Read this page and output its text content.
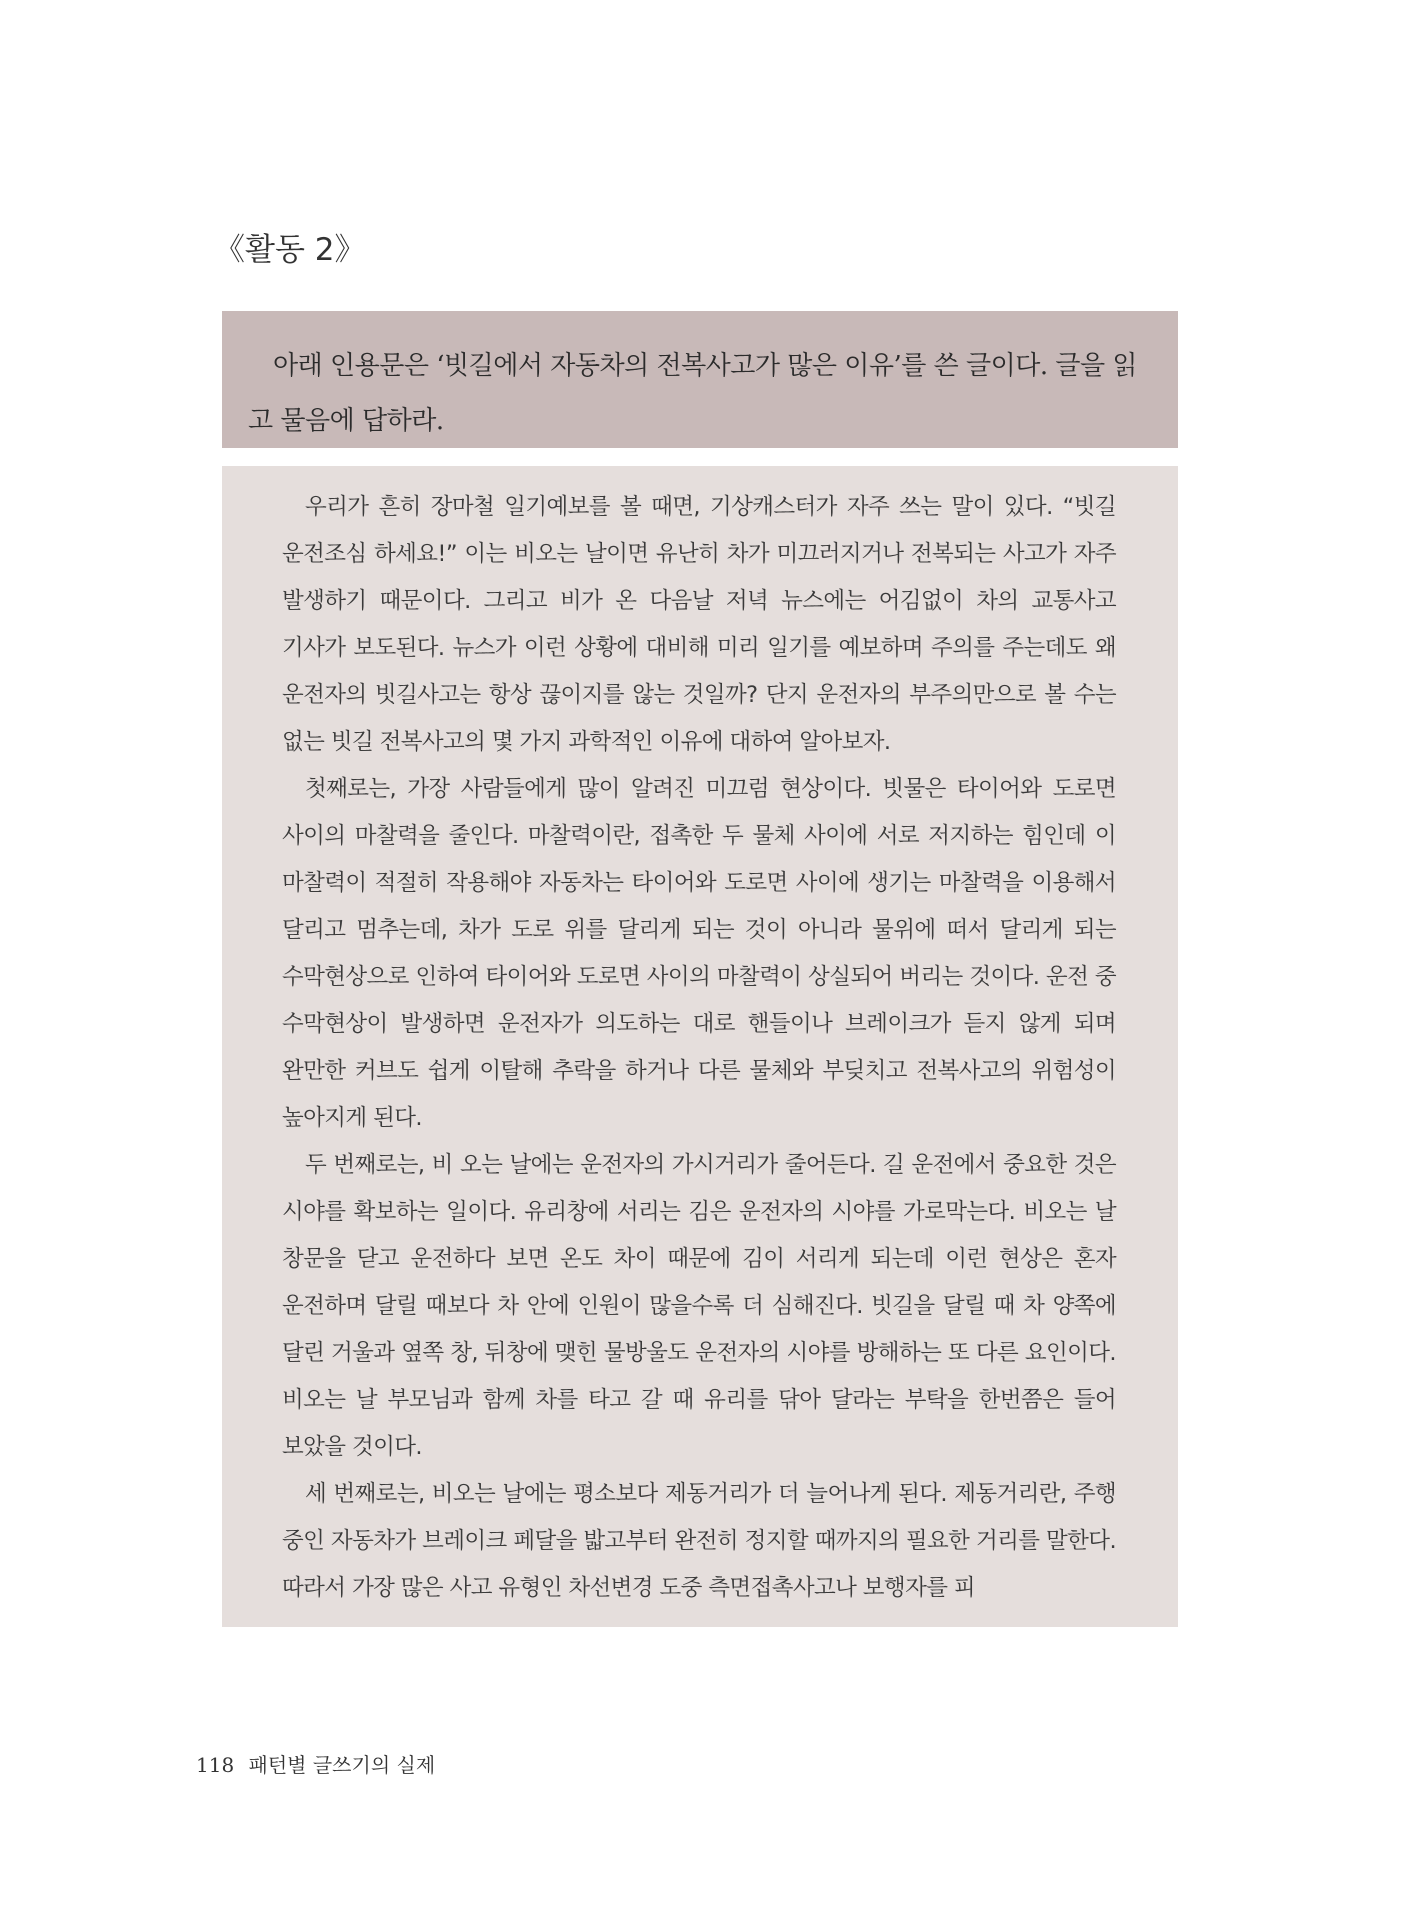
《활동 2》

아래 인용문은 ‘빗길에서 자동차의 전복사고가 많은 이유’를 쓴 글이다. 글을 읽고 물음에 답하라.

우리가 흔히 장마철 일기예보를 볼 때면, 기상캐스터가 자주 쓰는 말이 있다. “빗길 운전조심 하세요!” 이는 비오는 날이면 유난히 차가 미끄러지거나 전복되는 사고가 자주 발생하기 때문이다. 그리고 비가 온 다음날 저녁 뉴스에는 어김없이 차의 교통사고 기사가 보도된다. 뉴스가 이런 상황에 대비해 미리 일기를 예보하며 주의를 주는데도 왜 운전자의 빗길사고는 항상 끊이지를 않는 것일까? 단지 운전자의 부주의만으로 볼 수는 없는 빗길 전복사고의 몇 가지 과학적인 이유에 대하여 알아보자.

첫째로는, 가장 사람들에게 많이 알려진 미끄럼 현상이다. 빗물은 타이어와 도로면 사이의 마찰력을 줄인다. 마찰력이란, 접촉한 두 물체 사이에 서로 저지하는 힘인데 이 마찰력이 적절히 작용해야 자동차는 타이어와 도로면 사이에 생기는 마찰력을 이용해서 달리고 멈추는데, 차가 도로 위를 달리게 되는 것이 아니라 물위에 떠서 달리게 되는 수막현상으로 인하여 타이어와 도로면 사이의 마찰력이 상실되어 버리는 것이다. 운전 중 수막현상이 발생하면 운전자가 의도하는 대로 핸들이나 브레이크가 듣지 않게 되며 완만한 커브도 쉽게 이탈해 추락을 하거나 다른 물체와 부딪치고 전복사고의 위험성이 높아지게 된다.

두 번째로는, 비 오는 날에는 운전자의 가시거리가 줄어든다. 길 운전에서 중요한 것은 시야를 확보하는 일이다. 유리창에 서리는 김은 운전자의 시야를 가로막는다. 비오는 날 창문을 닫고 운전하다 보면 온도 차이 때문에 김이 서리게 되는데 이런 현상은 혼자 운전하며 달릴 때보다 차 안에 인원이 많을수록 더 심해진다. 빗길을 달릴 때 차 양쪽에 달린 거울과 옆쪽 창, 뒤창에 맺힌 물방울도 운전자의 시야를 방해하는 또 다른 요인이다. 비오는 날 부모님과 함께 차를 타고 갈 때 유리를 닦아 달라는 부탁을 한번쯤은 들어 보았을 것이다.

세 번째로는, 비오는 날에는 평소보다 제동거리가 더 늘어나게 된다. 제동거리란, 주행 중인 자동차가 브레이크 페달을 밟고부터 완전히 정지할 때까지의 필요한 거리를 말한다. 따라서 가장 많은 사고 유형인 차선변경 도중 측면접촉사고나 보행자를 피

118 패턴별 글쓰기의 실제
